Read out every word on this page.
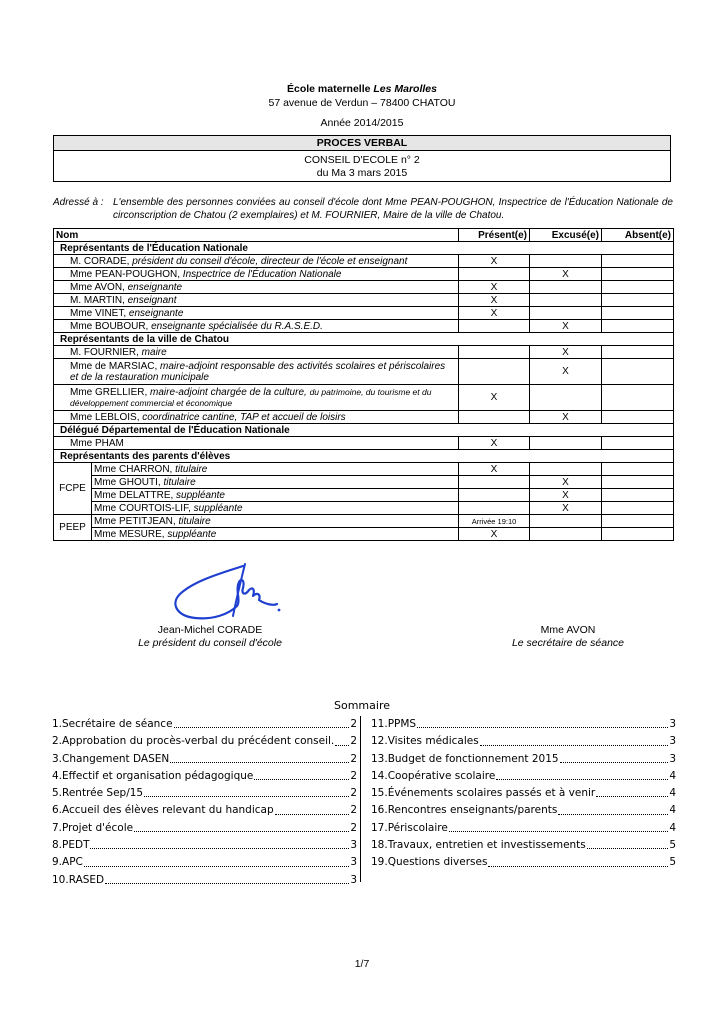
École maternelle Les Marolles
57 avenue de Verdun – 78400 CHATOU
Année 2014/2015
PROCES VERBAL
CONSEIL D'ECOLE n° 2
du Ma 3 mars 2015
Adressé à : L'ensemble des personnes conviées au conseil d'école dont Mme PEAN-POUGHON, Inspectrice de l'Éducation Nationale de circonscription de Chatou (2 exemplaires) et M. FOURNIER, Maire de la ville de Chatou.
Nom		Présent(e)	Excusé(e)	Absent(e)
Représentants de l'Éducation Nationale				
M. CORADE, président du conseil d'école, directeur de l'école et enseignant		X		
Mme PEAN-POUGHON, Inspectrice de l'Éducation Nationale			X	
Mme AVON, enseignante		X		
M. MARTIN, enseignant		X		
Mme VINET, enseignante		X		
Mme BOUBOUR, enseignante spécialisée du R.A.S.E.D.			X	
Représentants de la ville de Chatou				
M. FOURNIER, maire			X	
Mme de MARSIAC, maire-adjoint responsable des activités scolaires et périscolaires et de la restauration municipale			X	
Mme GRELLIER, maire-adjoint chargée de la culture, du patrimoine, du tourisme et du développement commercial et économique		X		
Mme LEBLOIS, coordinatrice cantine, TAP et accueil de loisirs			X	
Délégué Départemental de l'Éducation Nationale				
Mme PHAM		X		
Représentants des parents d'élèves				
FCPE	Mme CHARRON, titulaire	X		
	Mme GHOUTI, titulaire		X	
	Mme DELATTRE, suppléante		X	
	Mme COURTOIS-LIF, suppléante		X	
PEEP	Mme PETITJEAN, titulaire	Arrivée 19:10		
	Mme MESURE, suppléante	X		
Jean-Michel CORADE
Le président du conseil d'école
Mme AVON
Le secrétaire de séance
Sommaire
1.Secrétaire de séance	2
2.Approbation du procès-verbal du précédent conseil. 2
3.Changement DASEN	2
4.Effectif et organisation pédagogique	2
5.Rentrée Sep/15	2
6.Accueil des élèves relevant du handicap	2
7.Projet d'école	2
8.PEDT	3
9.APC	3
10.RASED	3
11.PPMS	3
12.Visites médicales	3
13.Budget de fonctionnement 2015	3
14.Coopérative scolaire	4
15.Événements scolaires passés et à venir	4
16.Rencontres enseignants/parents	4
17.Périscolaire	4
18.Travaux, entretien et investissements	5
19.Questions diverses	5
1/7
